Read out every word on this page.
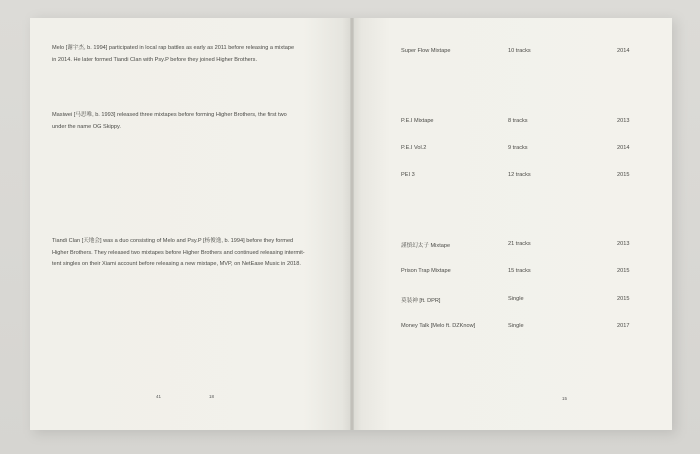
Melo [谢宇杰, b. 1994] participated in local rap battles as early as 2011 before releasing a mixtape
in 2014. He later formed Tiandi Clan with Psy.P before they joined Higher Brothers.
Masiwei [马思唯, b. 1993] released three mixtapes before forming Higher Brothers, the first two
under the name OG Skippy.
Tiandi Clan [天地会] was a duo consisting of Melo and Psy.P [杨俊逸, b. 1994] before they formed
Higher Brothers. They released two mixtapes before Higher Brothers and continued releasing intermit-
tent singles on their Xiami account before releasing a new mixtape, MVP, on NetEase Music in 2018.
41	18
Super Flow Mixtape	10 tracks	2014
P.E.I Mixtape	8 tracks	2013
P.E.I Vol.2	9 tracks	2014
PEI 3	12 tracks	2015
謹慎幻太子 Mixtape	21 tracks	2013
Prison Trap Mixtape	15 tracks	2015
莫装神 [ft. DPR]	Single	2015
Money Talk [Melo ft. DZKnow]	Single	2017
15
